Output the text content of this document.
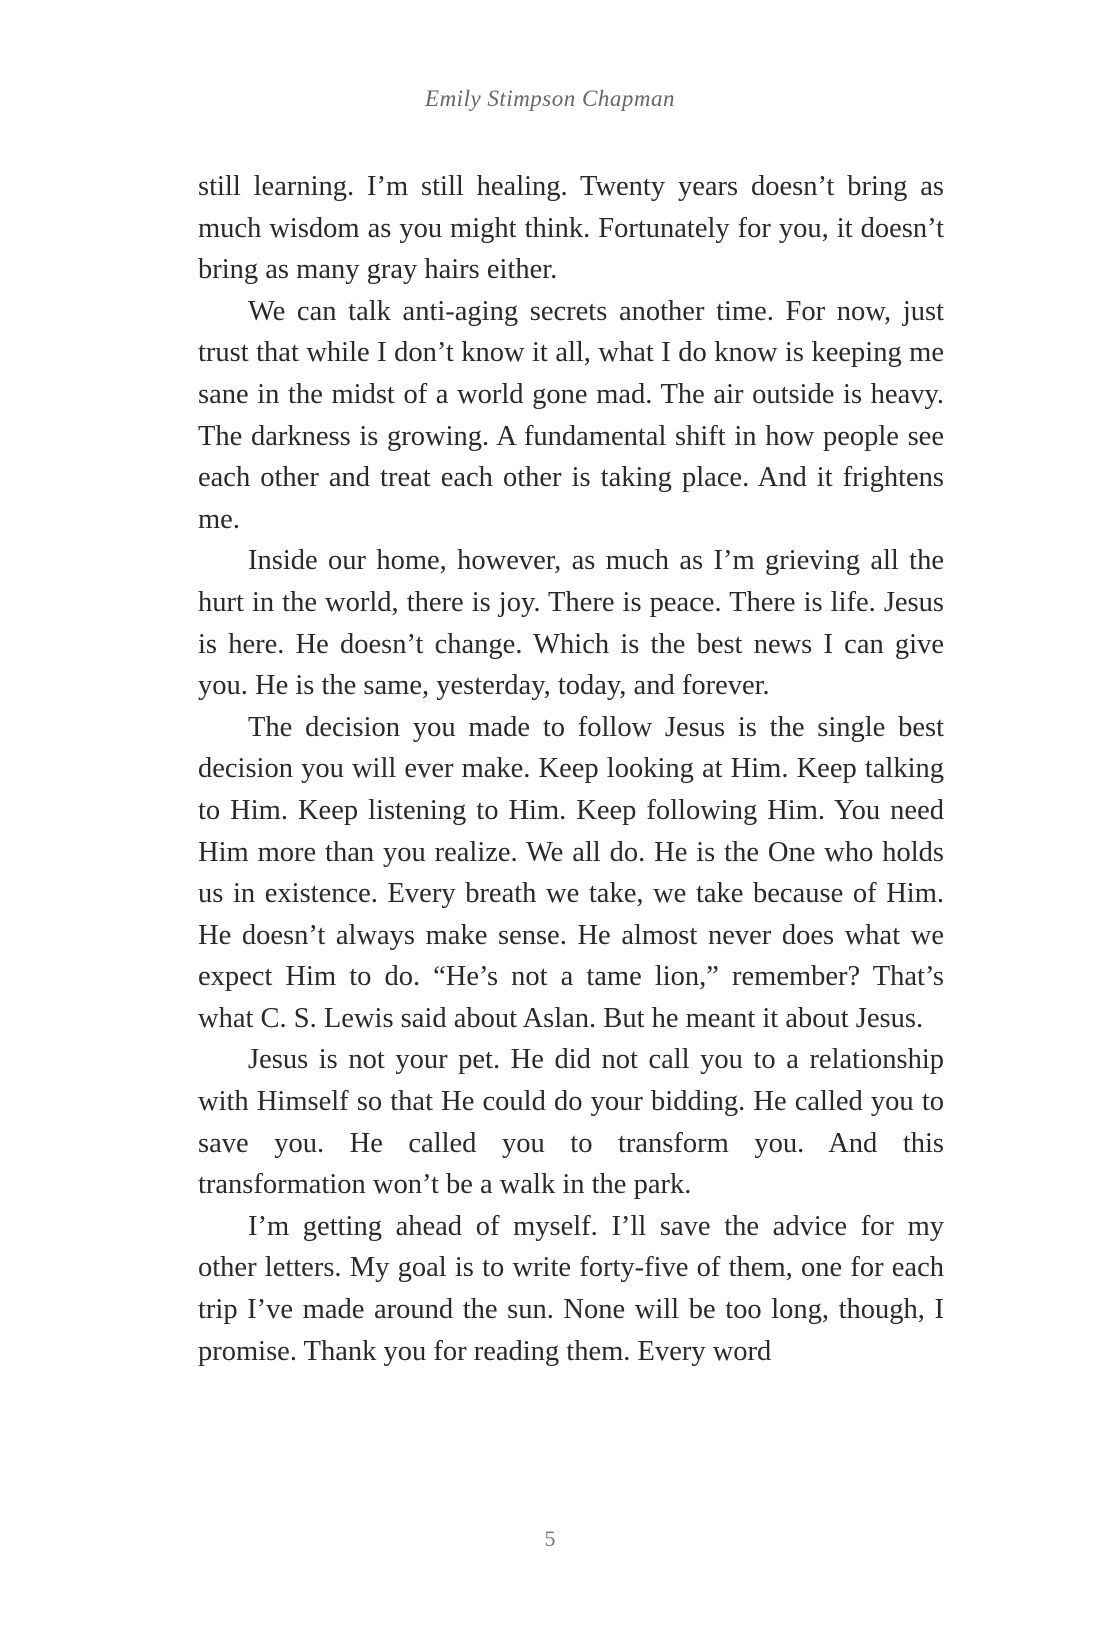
Emily Stimpson Chapman

still learning. I’m still healing. Twenty years doesn’t bring as much wisdom as you might think. Fortunately for you, it doesn’t bring as many gray hairs either.

We can talk anti-aging secrets another time. For now, just trust that while I don’t know it all, what I do know is keeping me sane in the midst of a world gone mad. The air outside is heavy. The darkness is growing. A fundamental shift in how people see each other and treat each other is taking place. And it frightens me.

Inside our home, however, as much as I’m grieving all the hurt in the world, there is joy. There is peace. There is life. Jesus is here. He doesn’t change. Which is the best news I can give you. He is the same, yesterday, today, and forever.

The decision you made to follow Jesus is the single best decision you will ever make. Keep looking at Him. Keep talking to Him. Keep listening to Him. Keep following Him. You need Him more than you realize. We all do. He is the One who holds us in existence. Every breath we take, we take because of Him. He doesn’t always make sense. He almost never does what we expect Him to do. “He’s not a tame lion,” remember? That’s what C. S. Lewis said about Aslan. But he meant it about Jesus.

Jesus is not your pet. He did not call you to a relationship with Himself so that He could do your bidding. He called you to save you. He called you to transform you. And this transformation won’t be a walk in the park.

I’m getting ahead of myself. I’ll save the advice for my other letters. My goal is to write forty-five of them, one for each trip I’ve made around the sun. None will be too long, though, I promise. Thank you for reading them. Every word

5
